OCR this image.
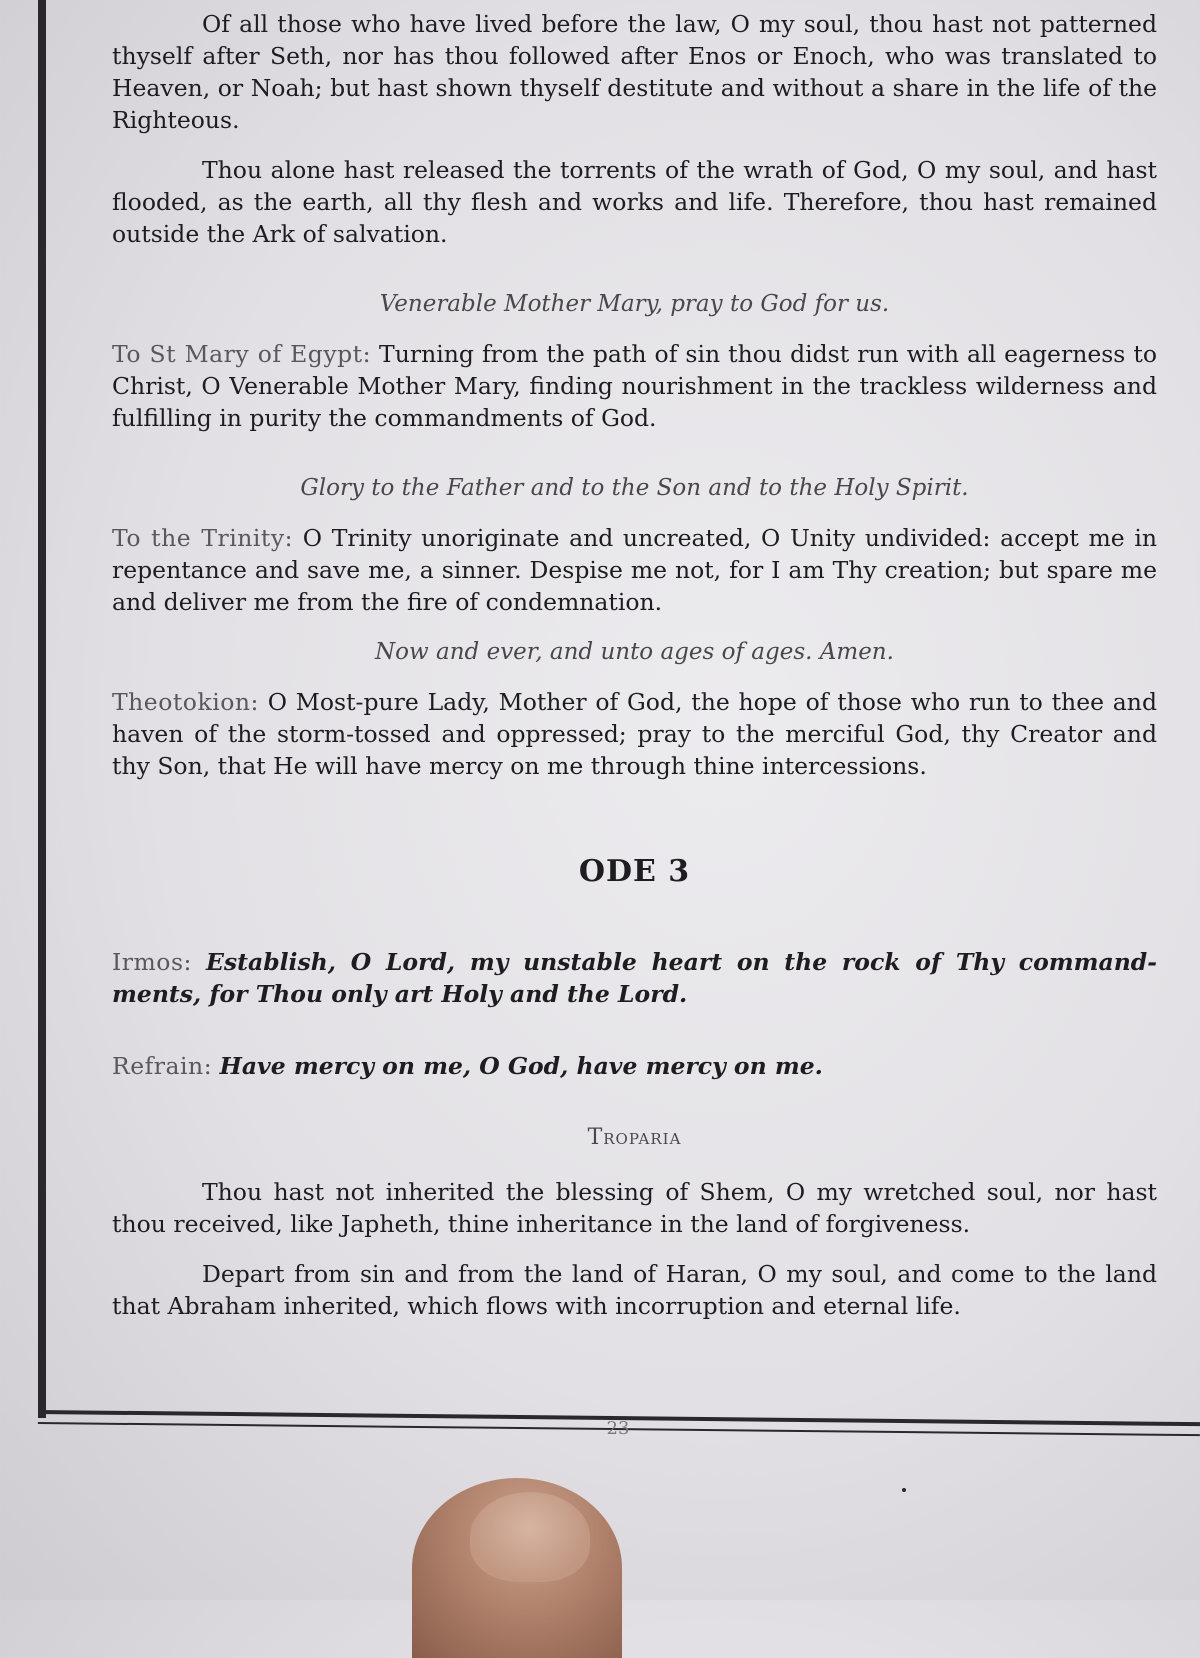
Of all those who have lived before the law, O my soul, thou hast not patterned thyself after Seth, nor has thou followed after Enos or Enoch, who was translated to Heaven, or Noah; but hast shown thyself destitute and without a share in the life of the Righteous.

Thou alone hast released the torrents of the wrath of God, O my soul, and hast flooded, as the earth, all thy flesh and works and life. Therefore, thou hast remained outside the Ark of salvation.

Venerable Mother Mary, pray to God for us.

To St Mary of Egypt: Turning from the path of sin thou didst run with all eagerness to Christ, O Venerable Mother Mary, finding nourishment in the trackless wilderness and fulfilling in purity the commandments of God.

Glory to the Father and to the Son and to the Holy Spirit.

To the Trinity: O Trinity unoriginate and uncreated, O Unity undivided: accept me in repentance and save me, a sinner. Despise me not, for I am Thy creation; but spare me and deliver me from the fire of condemnation.

Now and ever, and unto ages of ages. Amen.

Theotokion: O Most-pure Lady, Mother of God, the hope of those who run to thee and haven of the storm-tossed and oppressed; pray to the merciful God, thy Creator and thy Son, that He will have mercy on me through thine intercessions.

ODE 3

Irmos: Establish, O Lord, my unstable heart on the rock of Thy command-ments, for Thou only art Holy and the Lord.

Refrain: Have mercy on me, O God, have mercy on me.

Troparia

Thou hast not inherited the blessing of Shem, O my wretched soul, nor hast thou received, like Japheth, thine inheritance in the land of forgiveness.

Depart from sin and from the land of Haran, O my soul, and come to the land that Abraham inherited, which flows with incorruption and eternal life.

23
